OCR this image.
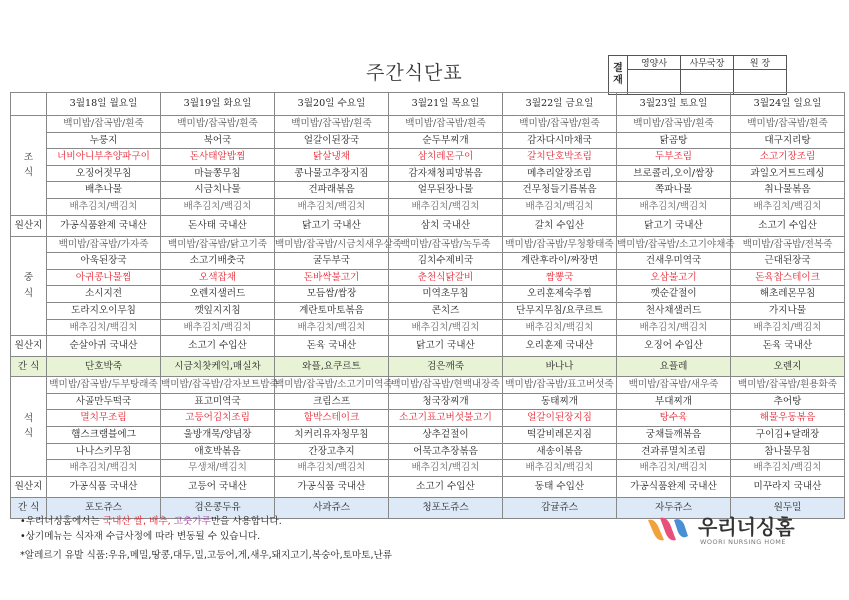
주간식단표	결재	영양사	사무국장	원 장

	3월18일 월요일	3월19일 화요일	3월20일 수요일	3월21일 목요일	3월22일 금요일	3월23일 토요일	3월24일 일요일
조식	백미밥/잡곡밥/흰죽	백미밥/잡곡밥/흰죽	백미밥/잡곡밥/흰죽	백미밥/잡곡밥/흰죽	백미밥/잡곡밥/흰죽	백미밥/잡곡밥/흰죽	백미밥/잡곡밥/흰죽
	누룽지	북어국	얼갈이된장국	순두부찌개	감자다시마채국	닭곰탕	대구지리탕
	너비아니부추양파구이	돈사태알밥찜	닭살냉채	삼치레몬구이	갈치단호박조림	두부조림	소고기장조림
	오징어젓무침	마늘쫑무침	콩나물고추장지짐	감자채청피망볶음	메추리알장조림	브로콜리,오이/쌈장	과일오거트드레싱
	배추나물	시금치나물	건파래볶음	얼무된장나물	건무청들기름볶음	쪽파나물	취나물볶음
	배추김치/백김치	배추김치/백김치	배추김치/백김치	배추김치/백김치	배추김치/백김치	배추김치/백김치	배추김치/백김치
원산지	가공식품완제 국내산	돈사태 국내산	닭고기 국내산	삼치 국내산	갈치 수입산	닭고기 국내산	소고기 수입산
중식	백미밥/잡곡밥/가자죽	백미밥/잡곡밥/닭고기죽	백미밥/잡곡밥/시금치새우살죽	백미밥/잡곡밥/녹두죽	백미밥/잡곡밥/무청황태죽	백미밥/잡곡밥/소고기야채죽	백미밥/잡곡밥/전복죽
	아욱된장국	소고기배춧국	굴두부국	김치수제비국	계란후라이/짜장면	건새우미역국	근대된장국
	아귀콩나물찜	오색잡채	돈바싹불고기	춘천식닭갈비	짬뽕국	오삼불고기	돈육찹스테이크
	소시지전	오렌지샐러드	모듬쌈/쌈장	미역초무침	오리훈제숙주찜	깻순같절이	해초레몬무침
	도라지오이무침	깻잎지지침	계란토마토볶음	콘치즈	단무지무침/요쿠르트	천사채샐러드	가지나물
	배추김치/백김치	배추김치/백김치	배추김치/백김치	배추김치/백김치	배추김치/백김치	배추김치/백김치	배추김치/백김치
원산지	순살아귀 국내산	소고기 수입산	돈육 국내산	닭고기 국내산	오리훈제 국내산	오징어 수입산	돈육 국내산
간 식	단호박죽	시금치찻케익,매실차	와플,요쿠르트	검은깨죽	바나나	요플레	오렌지
석식	백미밥/잡곡밥/두부탕래죽	백미밥/잡곡밥/감자보트밥죽	백미밥/잡곡밥/소고기미역죽	백미밥/잡곡밥/현백내장죽	백미밥/잡곡밥/표고버섯죽	백미밥/잡곡밥/새우죽	백미밥/잡곡밥/흰용화죽
	사골만두떡국	표고미역국	크림스프	청국장찌개	동태찌개	부대찌개	추어탕
	멸치무조림	고등어김치조림	함박스테이크	소고기표고버섯불고기	얼갈이된장지짐	탕수육	해물우동볶음
	햄스크램블에그	울방개묵/양념장	치커리유자청무침	상추겉절이	떡갈비레몬지짐	궁채들깨볶음	구이김+달래장
	나나스키무침	애호박볶음	간장고추지	어묵고추장볶음	새송이볶음	견과류멸치조림	참나물무침
	배추김치/백김치	무생채/백김치	배추김치/백김치	배추김치/백김치	배추김치/백김치	배추김치/백김치	배추김치/백김치
원산지	가공식품 국내산	고등어 국내산	가공식품 국내산	소고기 수입산	동태 수입산	가공식품완제 국내산	미꾸라지 국내산
간 식	포도쥬스	검은콩두유	사과쥬스	청포도쥬스	감귤쥬스	자두쥬스	원두밀
•우리너싱홈에서는 국내산 쌀, 배추, 고춧가루만을 사용합니다.
•상기메뉴는 식자재 수급사정에 따라 변동될 수 있습니다.
*알레르기 유발 식품:우유,메밀,땅콩,대두,밀,고등어,게,새우,돼지고기,복숭아,토마토,난류
우리너싱홈
WOORI NURSING HOME
